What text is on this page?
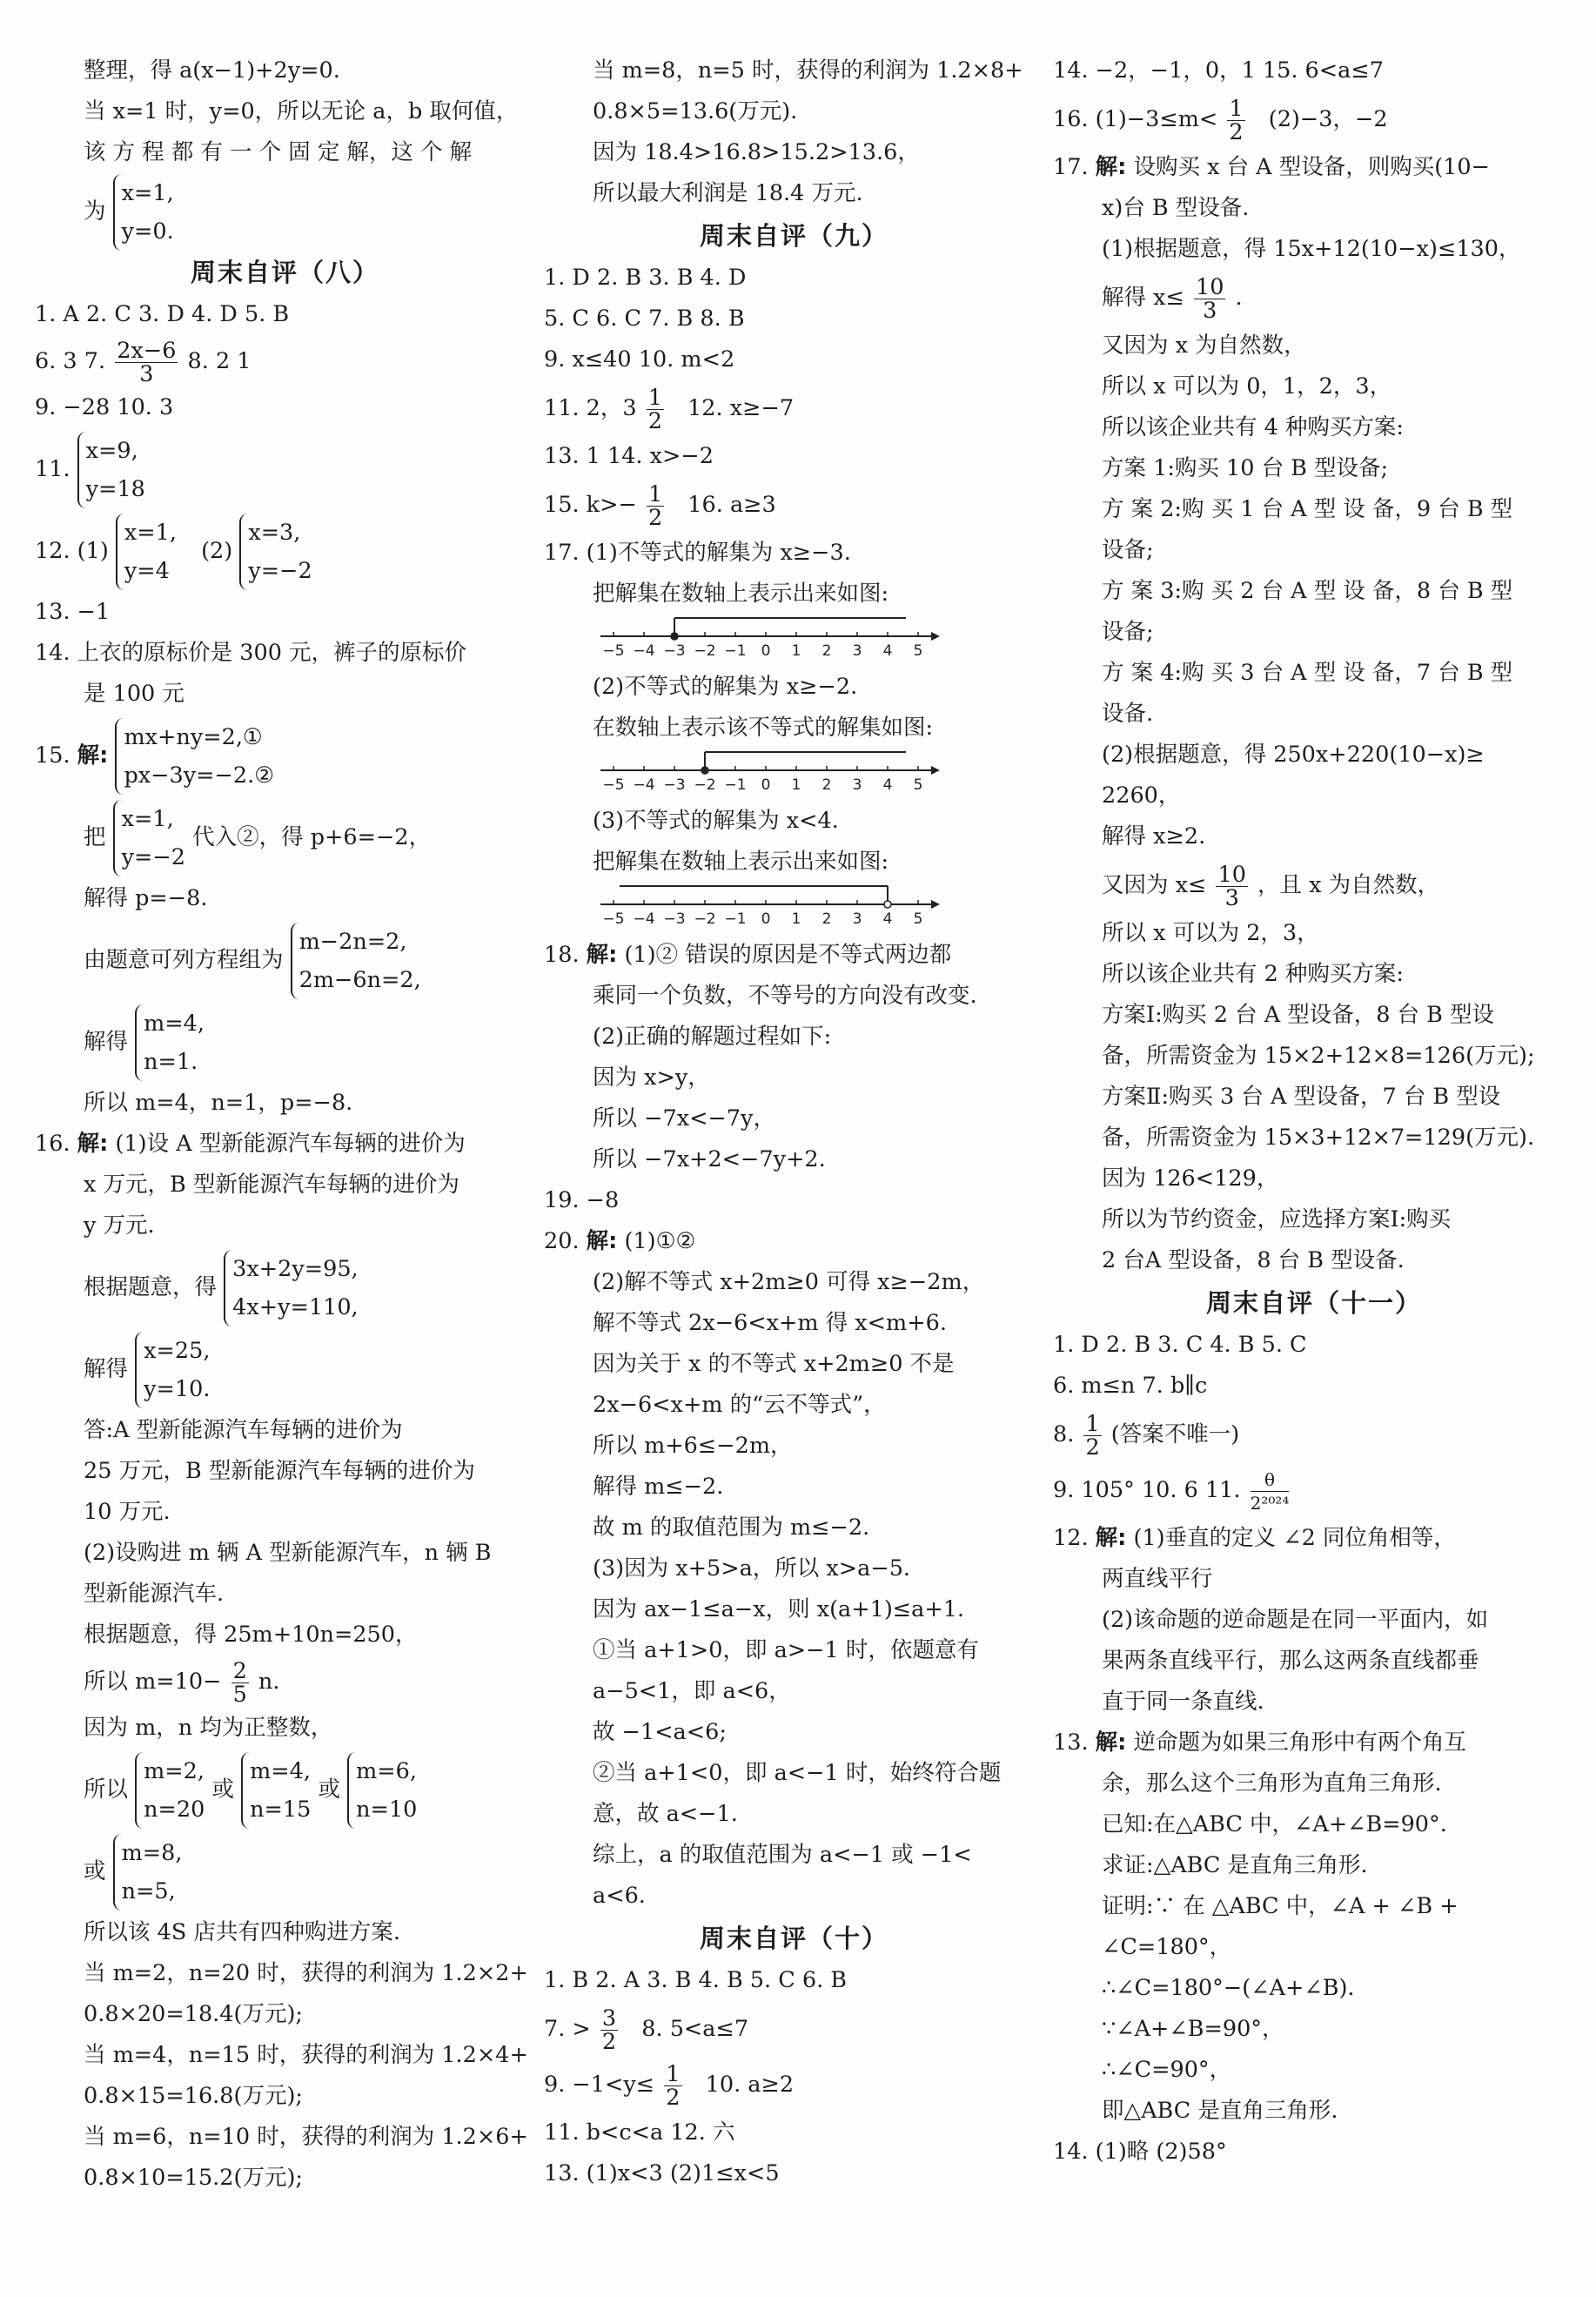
整理，得 a(x−1)+2y=0.
当 x=1 时，y=0，所以无论 a，b 取何值，
该 方 程 都 有 一 个 固 定 解，这 个 解
为
x=1,
y=0.
周末自评（八）
1. A 2. C 3. D 4. D 5. B
6. 3 7. $\frac{2x-6}{3} 8$. 2 1
9. −28 10. 3
11.
x=9,
y=18
12. (1)
x=1,
y=4
(2)
x=3,
y=−2
13. −1
14. 上衣的原标价是 300 元，裤子的原标价
是 100 元
15. 解:
mx+ny=2,①
px−3y=−2.②
把
x=1,
y=−2
代入②，得 p+6=−2，
解得 p=−8.
由题意可列方程组为
m−2n=2,
2m−6n=2,
解得
m=4,
n=1.
所以 m=4，n=1，p=−8.
16. 解: (1)设 A 型新能源汽车每辆的进价为
x 万元，B 型新能源汽车每辆的进价为
y 万元.
根据题意，得
3x+2y=95,
4x+y=110,
解得
x=25,
y=10.
答:A 型新能源汽车每辆的进价为
25 万元，B 型新能源汽车每辆的进价为
10 万元.
(2)设购进 m 辆 A 型新能源汽车，n 辆 B
型新能源汽车.
根据题意，得 25m+10n=250，
所以 $m=10- \frac{2}{5} n$.
因为 m，n 均为正整数，
所以
m=2,
n=20
或
m=4,
n=15
或
m=6,
n=10
或
m=8,
n=5,
所以该 4S 店共有四种购进方案.
当 m=2，n=20 时，获得的利润为 1.2×2+
0.8×20=18.4(万元);
当 m=4，n=15 时，获得的利润为 1.2×4+
0.8×15=16.8(万元);
当 m=6，n=10 时，获得的利润为 1.2×6+
0.8×10=15.2(万元);
当 m=8，n=5 时，获得的利润为 1.2×8+
0.8×5=13.6(万元).
因为 18.4>16.8>15.2>13.6，
所以最大利润是 18.4 万元.
周末自评（九）
1. D 2. B 3. B 4. D
5. C 6. C 7. B 8. B
9. x≤40 10. m<2
11. 2，$3 \frac{1}{2} 12$. x≥−7
13. 1 14. x>−2
15. $k>- \frac{1}{2} 16$. a≥3
17. (1)不等式的解集为 x≥−3.
把解集在数轴上表示出来如图:
−5 −4 −3 −2 −1 0 1 2 3 4 5
(2)不等式的解集为 x≥−2.
在数轴上表示该不等式的解集如图:
−5 −4 −3 −2 −1 0 1 2 3 4 5
(3)不等式的解集为 x<4.
把解集在数轴上表示出来如图:
−5 −4 −3 −2 −1 0 1 2 3 4 5
18. 解: (1)② 错误的原因是不等式两边都
乘同一个负数，不等号的方向没有改变.
(2)正确的解题过程如下:
因为 x>y，
所以 −7x<−7y，
所以 −7x+2<−7y+2.
19. −8
20. 解: (1)①②
(2)解不等式 x+2m≥0 可得 x≥−2m，
解不等式 2x−6<x+m 得 x<m+6.
因为关于 x 的不等式 x+2m≥0 不是
2x−6<x+m 的“云不等式”，
所以 m+6≤−2m，
解得 m≤−2.
故 m 的取值范围为 m≤−2.
(3)因为 x+5>a，所以 x>a−5.
因为 ax−1≤a−x，则 x(a+1)≤a+1.
①当 a+1>0，即 a>−1 时，依题意有
a−5<1，即 a<6，
故 −1<a<6;
②当 a+1<0，即 a<−1 时，始终符合题
意，故 a<−1.
综上，a 的取值范围为 a<−1 或 −1<
a<6.
周末自评（十）
1. B 2. A 3. B 4. B 5. C 6. B
7. > $\frac{3}{2} 8$. 5<a≤7
9. $-1<y\le \frac{1}{2} 10$. a≥2
11. b<c<a 12. 六
13. (1)x<3 (2)1≤x<5
14. −2，−1，0，1 15. 6<a≤7
16. $(1)-3\le m< \frac{1}{2} (2)-3$，−2
17. 解: 设购买 x 台 A 型设备，则购买(10−
x)台 B 型设备.
(1)根据题意，得 15x+12(10−x)≤130，
解得 $x\le \frac{10}{3}$ .
又因为 x 为自然数，
所以 x 可以为 0，1，2，3，
所以该企业共有 4 种购买方案:
方案 1:购买 10 台 B 型设备;
方 案 2:购 买 1 台 A 型 设 备，9 台 B 型
设备;
方 案 3:购 买 2 台 A 型 设 备，8 台 B 型
设备;
方 案 4:购 买 3 台 A 型 设 备，7 台 B 型
设备.
(2)根据题意，得 250x+220(10−x)≥
2260，
解得 x≥2.
又因为 $x\le \frac{10}{3}$ ，且 x 为自然数，
所以 x 可以为 2，3，
所以该企业共有 2 种购买方案:
方案Ⅰ:购买 2 台 A 型设备，8 台 B 型设
备，所需资金为 15×2+12×8=126(万元);
方案Ⅱ:购买 3 台 A 型设备，7 台 B 型设
备，所需资金为 15×3+12×7=129(万元).
因为 126<129，
所以为节约资金，应选择方案Ⅰ:购买
2 台A 型设备，8 台 B 型设备.
周末自评（十一）
1. D 2. B 3. C 4. B 5. C
6. m≤n 7. b∥c
8. $\frac{1}{2}$ (答案不唯一)
9. 105° 10. 6 11. $\frac{\theta}{\text{2²⁰²⁴}}$
12. 解: (1)垂直的定义 ∠2 同位角相等，
两直线平行
(2)该命题的逆命题是在同一平面内，如
果两条直线平行，那么这两条直线都垂
直于同一条直线.
13. 解: 逆命题为如果三角形中有两个角互
余，那么这个三角形为直角三角形.
已知:在△ABC 中，∠A+∠B=90°.
求证:△ABC 是直角三角形.
证明:∵ 在 △ABC 中，∠A + ∠B +
∠C=180°，
∴∠C=180°−(∠A+∠B).
∵∠A+∠B=90°，
∴∠C=90°，
即△ABC 是直角三角形.
14. (1)略 (2)58°
